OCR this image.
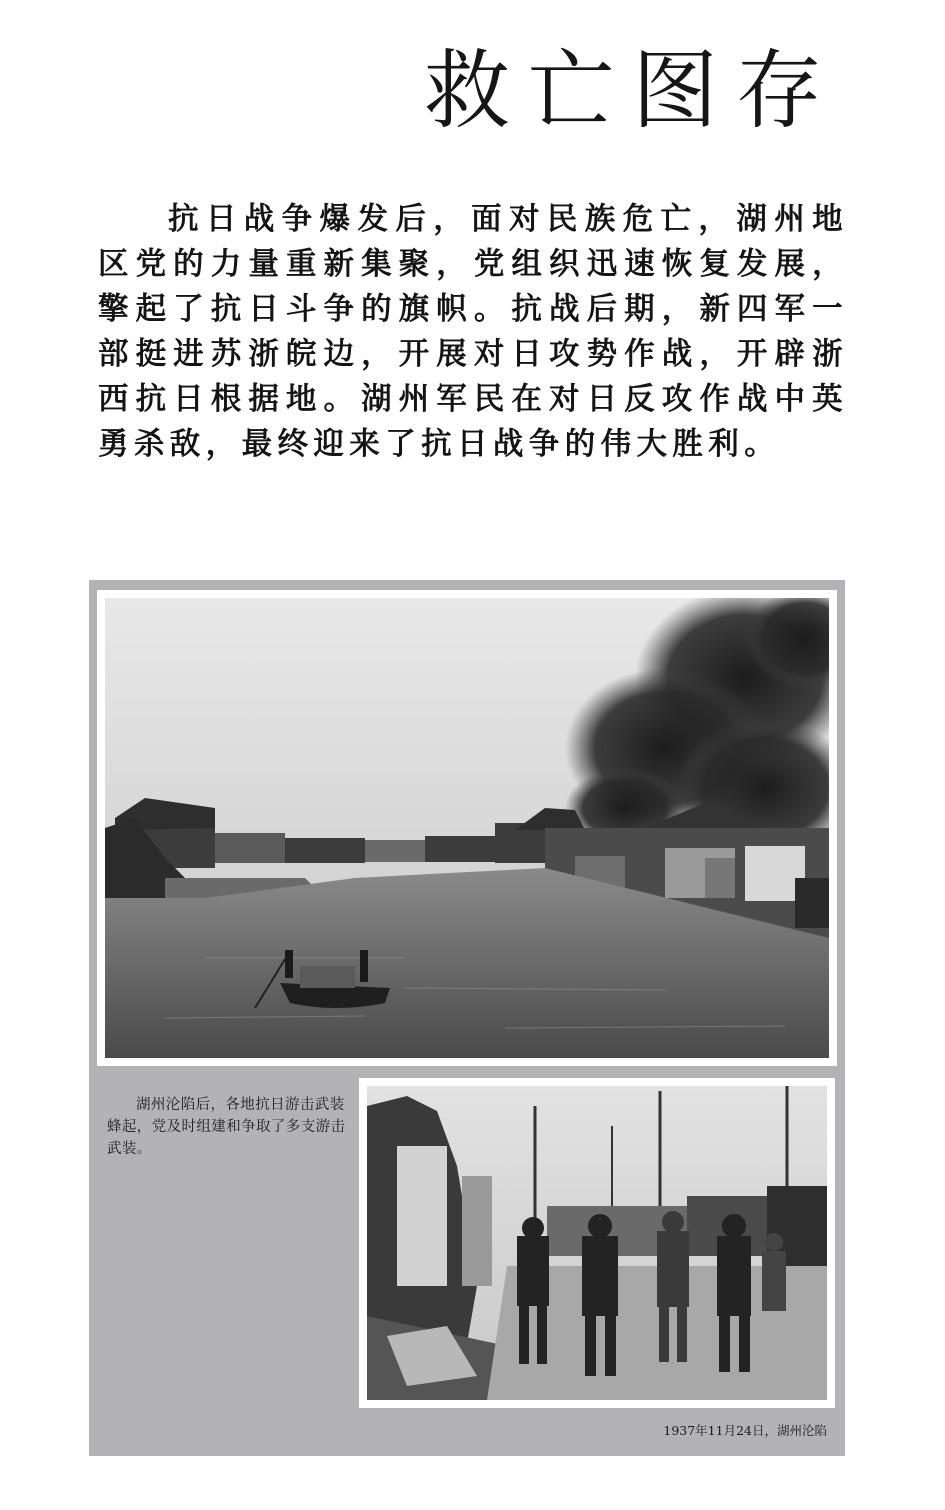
救亡图存

抗日战争爆发后，面对民族危亡，湖州地区党的力量重新集聚，党组织迅速恢复发展，擎起了抗日斗争的旗帜。抗战后期，新四军一部挺进苏浙皖边，开展对日攻势作战，开辟浙西抗日根据地。湖州军民在对日反攻作战中英勇杀敌，最终迎来了抗日战争的伟大胜利。

湖州沦陷后，各地抗日游击武装蜂起，党及时组建和争取了多支游击武装。

1937年11月24日，湖州沦陷
